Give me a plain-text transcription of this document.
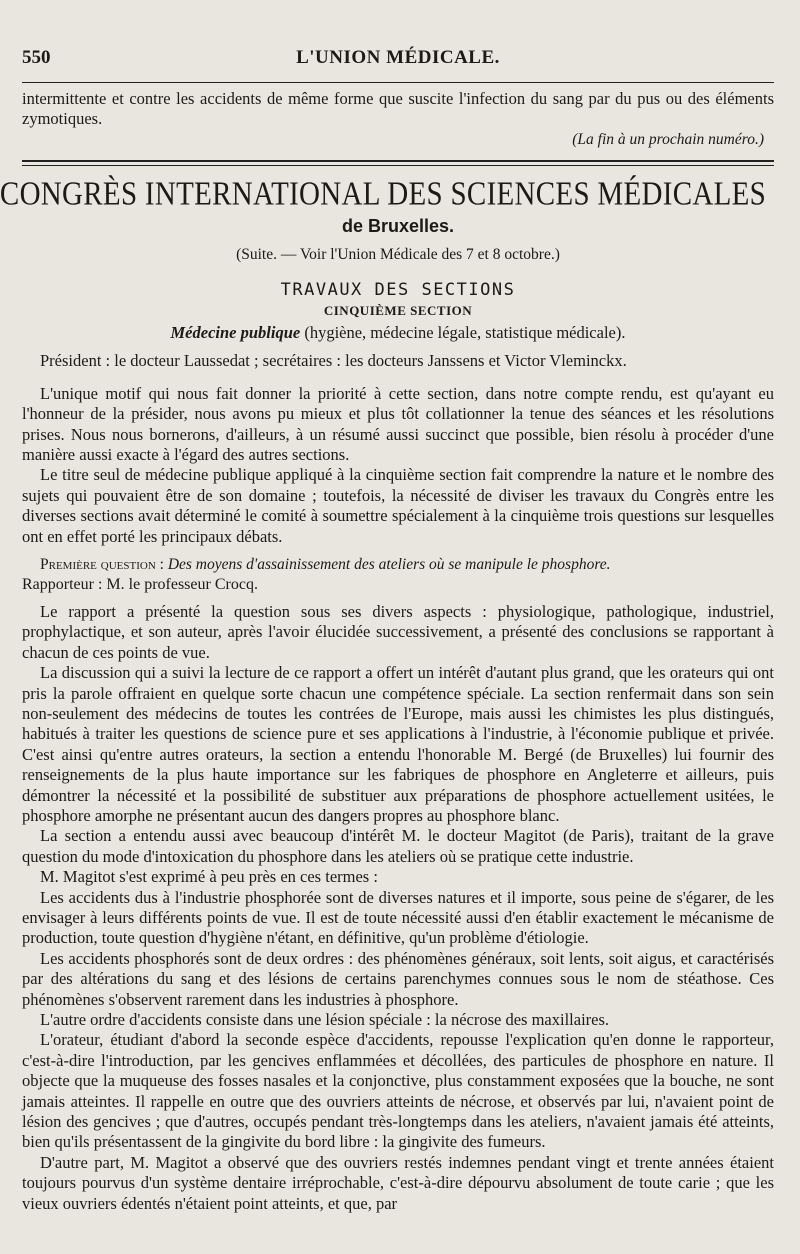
550	L'UNION MÉDICALE.

intermittente et contre les accidents de même forme que suscite l'infection du sang par du pus ou des éléments zymotiques.

(La fin à un prochain numéro.)

CONGRÈS INTERNATIONAL DES SCIENCES MÉDICALES

de Bruxelles.

(Suite. — Voir l'Union Médicale des 7 et 8 octobre.)

TRAVAUX DES SECTIONS

CINQUIÈME SECTION

Médecine publique (hygiène, médecine légale, statistique médicale).

Président : le docteur Laussedat ; secrétaires : les docteurs Janssens et Victor Vleminckx.

L'unique motif qui nous fait donner la priorité à cette section, dans notre compte rendu, est qu'ayant eu l'honneur de la présider, nous avons pu mieux et plus tôt collationner la tenue des séances et les résolutions prises. Nous nous bornerons, d'ailleurs, à un résumé aussi succinct que possible, bien résolu à procéder d'une manière aussi exacte à l'égard des autres sections.

Le titre seul de médecine publique appliqué à la cinquième section fait comprendre la nature et le nombre des sujets qui pouvaient être de son domaine ; toutefois, la nécessité de diviser les travaux du Congrès entre les diverses sections avait déterminé le comité à soumettre spécialement à la cinquième trois questions sur lesquelles ont en effet porté les principaux débats.

Première question : Des moyens d'assainissement des ateliers où se manipule le phosphore.

Rapporteur : M. le professeur Crocq.

Le rapport a présenté la question sous ses divers aspects : physiologique, pathologique, industriel, prophylactique, et son auteur, après l'avoir élucidée successivement, a présenté des conclusions se rapportant à chacun de ces points de vue.

La discussion qui a suivi la lecture de ce rapport a offert un intérêt d'autant plus grand, que les orateurs qui ont pris la parole offraient en quelque sorte chacun une compétence spéciale. La section renfermait dans son sein non-seulement des médecins de toutes les contrées de l'Europe, mais aussi les chimistes les plus distingués, habitués à traiter les questions de science pure et ses applications à l'industrie, à l'économie publique et privée. C'est ainsi qu'entre autres orateurs, la section a entendu l'honorable M. Bergé (de Bruxelles) lui fournir des renseignements de la plus haute importance sur les fabriques de phosphore en Angleterre et ailleurs, puis démontrer la nécessité et la possibilité de substituer aux préparations de phosphore actuellement usitées, le phosphore amorphe ne présentant aucun des dangers propres au phosphore blanc.

La section a entendu aussi avec beaucoup d'intérêt M. le docteur Magitot (de Paris), traitant de la grave question du mode d'intoxication du phosphore dans les ateliers où se pratique cette industrie.

M. Magitot s'est exprimé à peu près en ces termes :

Les accidents dus à l'industrie phosphorée sont de diverses natures et il importe, sous peine de s'égarer, de les envisager à leurs différents points de vue. Il est de toute nécessité aussi d'en établir exactement le mécanisme de production, toute question d'hygiène n'étant, en définitive, qu'un problème d'étiologie.

Les accidents phosphorés sont de deux ordres : des phénomènes généraux, soit lents, soit aigus, et caractérisés par des altérations du sang et des lésions de certains parenchymes connues sous le nom de stéathose. Ces phénomènes s'observent rarement dans les industries à phosphore.

L'autre ordre d'accidents consiste dans une lésion spéciale : la nécrose des maxillaires.

L'orateur, étudiant d'abord la seconde espèce d'accidents, repousse l'explication qu'en donne le rapporteur, c'est-à-dire l'introduction, par les gencives enflammées et décollées, des particules de phosphore en nature. Il objecte que la muqueuse des fosses nasales et la conjonctive, plus constamment exposées que la bouche, ne sont jamais atteintes. Il rappelle en outre que des ouvriers atteints de nécrose, et observés par lui, n'avaient point de lésion des gencives ; que d'autres, occupés pendant très-longtemps dans les ateliers, n'avaient jamais été atteints, bien qu'ils présentassent de la gingivite du bord libre : la gingivite des fumeurs.

D'autre part, M. Magitot a observé que des ouvriers restés indemnes pendant vingt et trente années étaient toujours pourvus d'un système dentaire irréprochable, c'est-à-dire dépourvu absolument de toute carie ; que les vieux ouvriers édentés n'étaient point atteints, et que, par
